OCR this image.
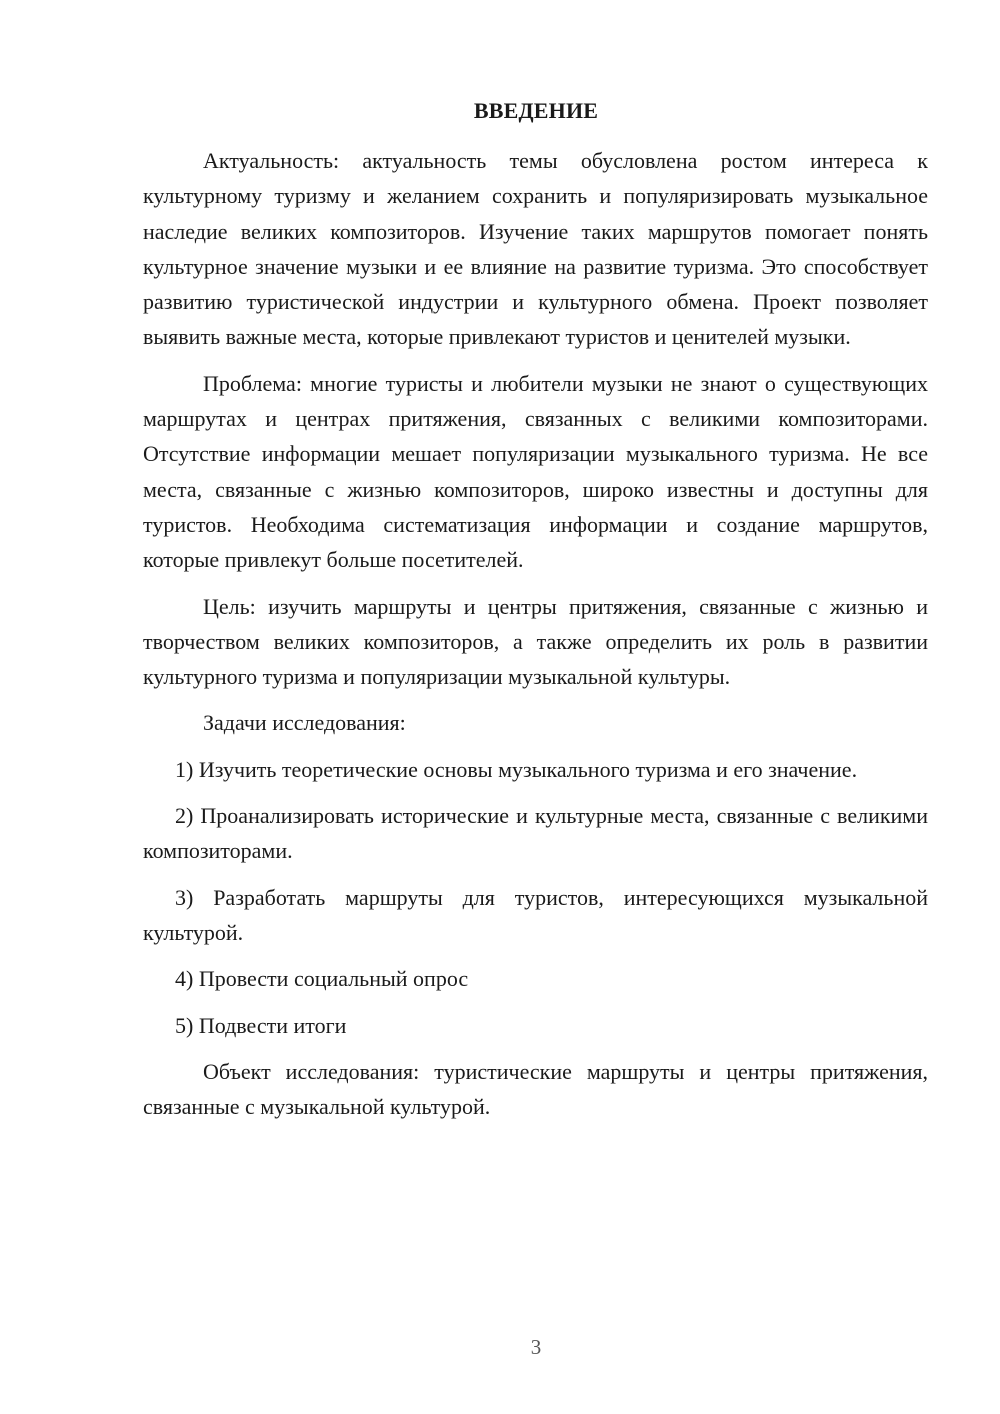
ВВЕДЕНИЕ

Актуальность: актуальность темы обусловлена ростом интереса к культурному туризму и желанием сохранить и популяризировать музыкальное наследие великих композиторов. Изучение таких маршрутов помогает понять культурное значение музыки и ее влияние на развитие туризма. Это способствует развитию туристической индустрии и культурного обмена. Проект позволяет выявить важные места, которые привлекают туристов и ценителей музыки.

Проблема: многие туристы и любители музыки не знают о существующих маршрутах и центрах притяжения, связанных с великими композиторами. Отсутствие информации мешает популяризации музыкального туризма. Не все места, связанные с жизнью композиторов, широко известны и доступны для туристов. Необходима систематизация информации и создание маршрутов, которые привлекут больше посетителей.

Цель: изучить маршруты и центры притяжения, связанные с жизнью и творчеством великих композиторов, а также определить их роль в развитии культурного туризма и популяризации музыкальной культуры.

Задачи исследования:

1) Изучить теоретические основы музыкального туризма и его значение.

2) Проанализировать исторические и культурные места, связанные с великими композиторами.

3) Разработать маршруты для туристов, интересующихся музыкальной культурой.

4) Провести социальный опрос

5) Подвести итоги

Объект исследования: туристические маршруты и центры притяжения, связанные с музыкальной культурой.

3
